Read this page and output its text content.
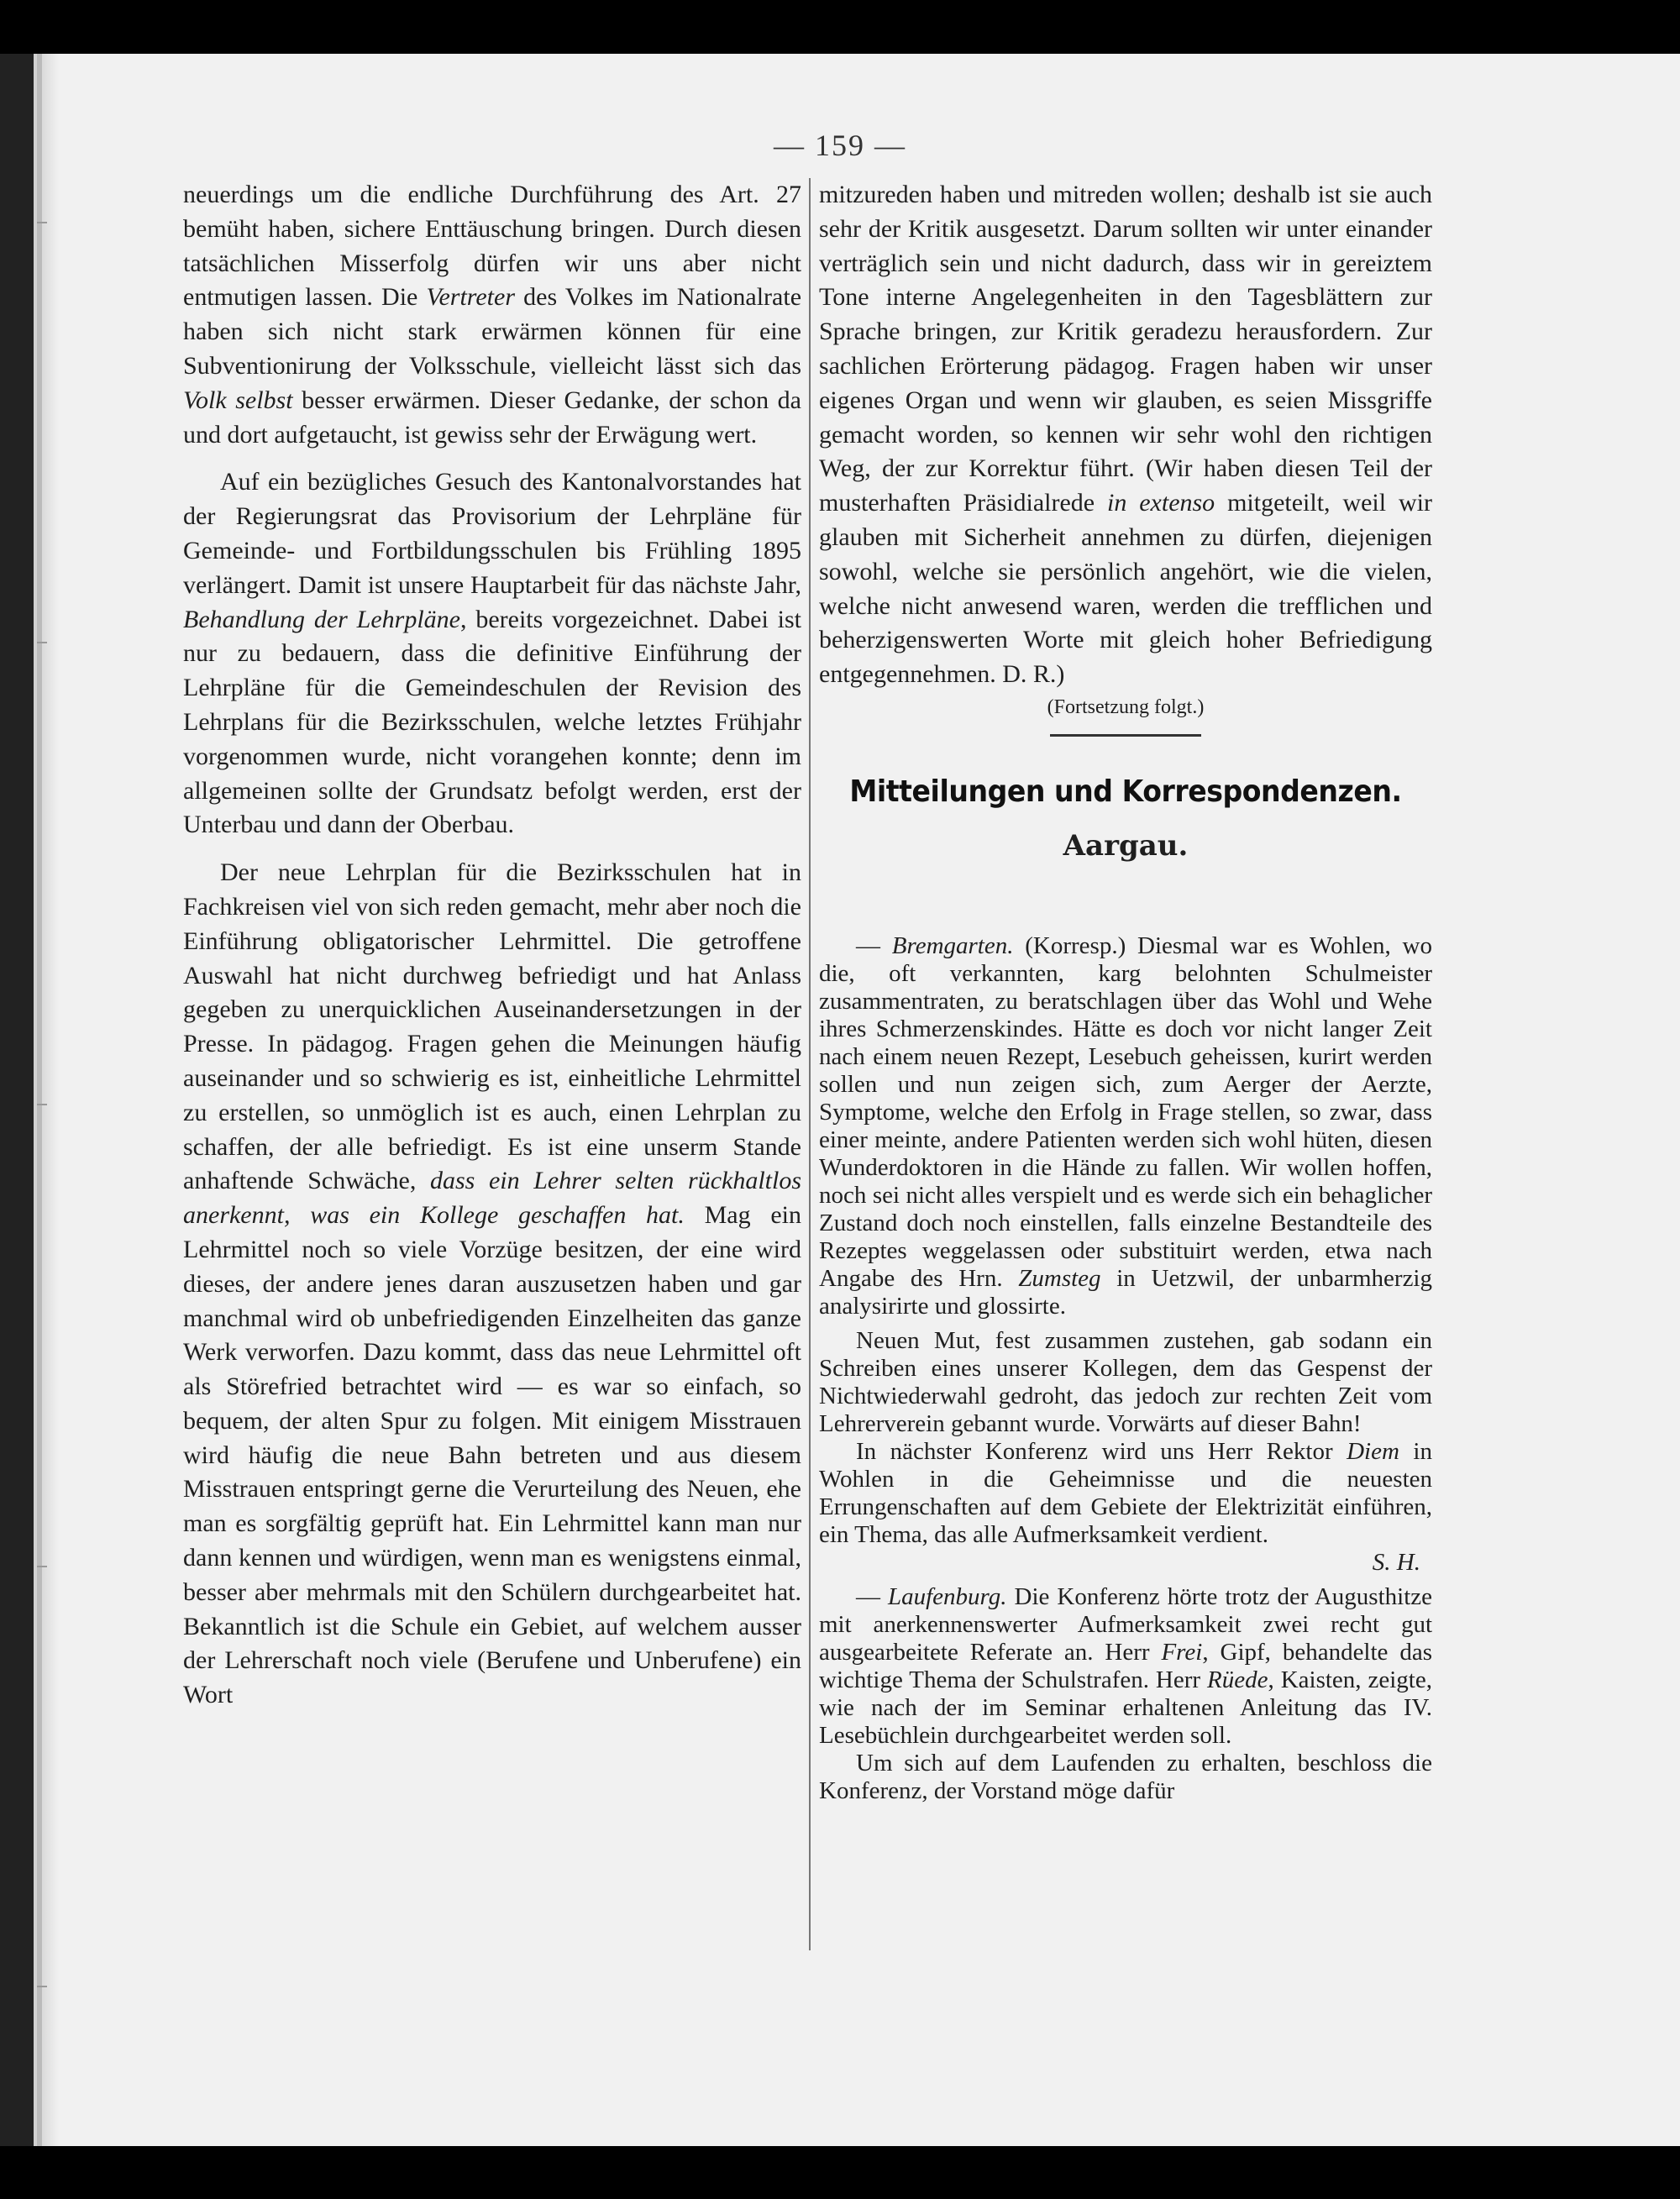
— 159 —

neuerdings um die endliche Durchführung des Art. 27 bemüht haben, sichere Enttäuschung bringen. Durch diesen tatsächlichen Misserfolg dürfen wir uns aber nicht entmutigen lassen. Die Vertreter des Volkes im Nationalrate haben sich nicht stark erwärmen können für eine Subventionirung der Volksschule, vielleicht lässt sich das Volk selbst besser erwärmen. Dieser Gedanke, der schon da und dort aufgetaucht, ist gewiss sehr der Erwägung wert.

Auf ein bezügliches Gesuch des Kantonalvorstandes hat der Regierungsrat das Provisorium der Lehrpläne für Gemeinde- und Fortbildungsschulen bis Frühling 1895 verlängert. Damit ist unsere Hauptarbeit für das nächste Jahr, Behandlung der Lehrpläne, bereits vorgezeichnet. Dabei ist nur zu bedauern, dass die definitive Einführung der Lehrpläne für die Gemeindeschulen der Revision des Lehrplans für die Bezirksschulen, welche letztes Frühjahr vorgenommen wurde, nicht vorangehen konnte; denn im allgemeinen sollte der Grundsatz befolgt werden, erst der Unterbau und dann der Oberbau.

Der neue Lehrplan für die Bezirksschulen hat in Fachkreisen viel von sich reden gemacht, mehr aber noch die Einführung obligatorischer Lehrmittel. Die getroffene Auswahl hat nicht durchweg befriedigt und hat Anlass gegeben zu unerquicklichen Auseinandersetzungen in der Presse. In pädagog. Fragen gehen die Meinungen häufig auseinander und so schwierig es ist, einheitliche Lehrmittel zu erstellen, so unmöglich ist es auch, einen Lehrplan zu schaffen, der alle befriedigt. Es ist eine unserm Stande anhaftende Schwäche, dass ein Lehrer selten rückhaltlos anerkennt, was ein Kollege geschaffen hat. Mag ein Lehrmittel noch so viele Vorzüge besitzen, der eine wird dieses, der andere jenes daran auszusetzen haben und gar manchmal wird ob unbefriedigenden Einzelheiten das ganze Werk verworfen. Dazu kommt, dass das neue Lehrmittel oft als Störefried betrachtet wird — es war so einfach, so bequem, der alten Spur zu folgen. Mit einigem Misstrauen wird häufig die neue Bahn betreten und aus diesem Misstrauen entspringt gerne die Verurteilung des Neuen, ehe man es sorgfältig geprüft hat. Ein Lehrmittel kann man nur dann kennen und würdigen, wenn man es wenigstens einmal, besser aber mehrmals mit den Schülern durchgearbeitet hat. Bekanntlich ist die Schule ein Gebiet, auf welchem ausser der Lehrerschaft noch viele (Berufene und Unberufene) ein Wort

mitzureden haben und mitreden wollen; deshalb ist sie auch sehr der Kritik ausgesetzt. Darum sollten wir unter einander verträglich sein und nicht dadurch, dass wir in gereiztem Tone interne Angelegenheiten in den Tagesblättern zur Sprache bringen, zur Kritik geradezu herausfordern. Zur sachlichen Erörterung pädagog. Fragen haben wir unser eigenes Organ und wenn wir glauben, es seien Missgriffe gemacht worden, so kennen wir sehr wohl den richtigen Weg, der zur Korrektur führt. (Wir haben diesen Teil der musterhaften Präsidialrede in extenso mitgeteilt, weil wir glauben mit Sicherheit annehmen zu dürfen, diejenigen sowohl, welche sie persönlich angehört, wie die vielen, welche nicht anwesend waren, werden die trefflichen und beherzigenswerten Worte mit gleich hoher Befriedigung entgegennehmen. D. R.)

(Fortsetzung folgt.)
Mitteilungen und Korrespondenzen.
Aargau.

— Bremgarten. (Korresp.) Diesmal war es Wohlen, wo die, oft verkannten, karg belohnten Schulmeister zusammentraten, zu beratschlagen über das Wohl und Wehe ihres Schmerzenskindes. Hätte es doch vor nicht langer Zeit nach einem neuen Rezept, Lesebuch geheissen, kurirt werden sollen und nun zeigen sich, zum Aerger der Aerzte, Symptome, welche den Erfolg in Frage stellen, so zwar, dass einer meinte, andere Patienten werden sich wohl hüten, diesen Wunderdoktoren in die Hände zu fallen. Wir wollen hoffen, noch sei nicht alles verspielt und es werde sich ein behaglicher Zustand doch noch einstellen, falls einzelne Bestandteile des Rezeptes weggelassen oder substituirt werden, etwa nach Angabe des Hrn. Zumsteg in Uetzwil, der unbarmherzig analysirirte und glossirte.

Neuen Mut, fest zusammen zustehen, gab sodann ein Schreiben eines unserer Kollegen, dem das Gespenst der Nichtwiederwahl gedroht, das jedoch zur rechten Zeit vom Lehrerverein gebannt wurde. Vorwärts auf dieser Bahn!

In nächster Konferenz wird uns Herr Rektor Diem in Wohlen in die Geheimnisse und die neuesten Errungenschaften auf dem Gebiete der Elektrizität einführen, ein Thema, das alle Aufmerksamkeit verdient.
S. H.

— Laufenburg. Die Konferenz hörte trotz der Augusthitze mit anerkennenswerter Aufmerksamkeit zwei recht gut ausgearbeitete Referate an. Herr Frei, Gipf, behandelte das wichtige Thema der Schulstrafen. Herr Rüede, Kaisten, zeigte, wie nach der im Seminar erhaltenen Anleitung das IV. Lesebüchlein durchgearbeitet werden soll.

Um sich auf dem Laufenden zu erhalten, beschloss die Konferenz, der Vorstand möge dafür
